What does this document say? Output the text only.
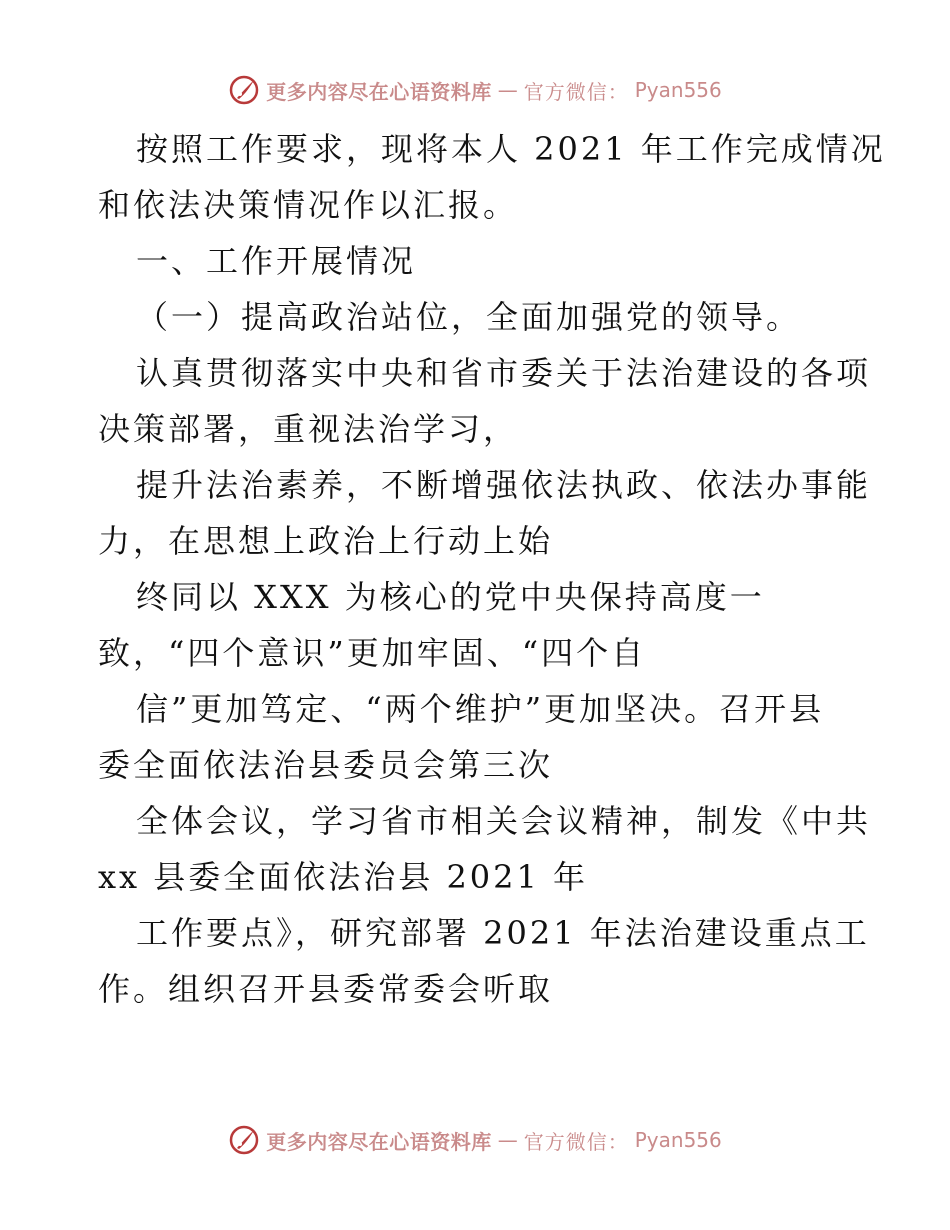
更多内容尽在心语资料库 — 官方微信： Pyan556
按照工作要求，现将本人 2021 年工作完成情况
和依法决策情况作以汇报。
一、工作开展情况
（一）提高政治站位，全面加强党的领导。
认真贯彻落实中央和省市委关于法治建设的各项
决策部署，重视法治学习，
提升法治素养，不断增强依法执政、依法办事能
力，在思想上政治上行动上始
终同以 XXX 为核心的党中央保持高度一
致，“四个意识”更加牢固、“四个自
信”更加笃定、“两个维护”更加坚决。召开县
委全面依法治县委员会第三次
全体会议，学习省市相关会议精神，制发《中共
xx 县委全面依法治县 2021 年
工作要点》，研究部署 2021 年法治建设重点工
作。组织召开县委常委会听取
更多内容尽在心语资料库 — 官方微信： Pyan556
